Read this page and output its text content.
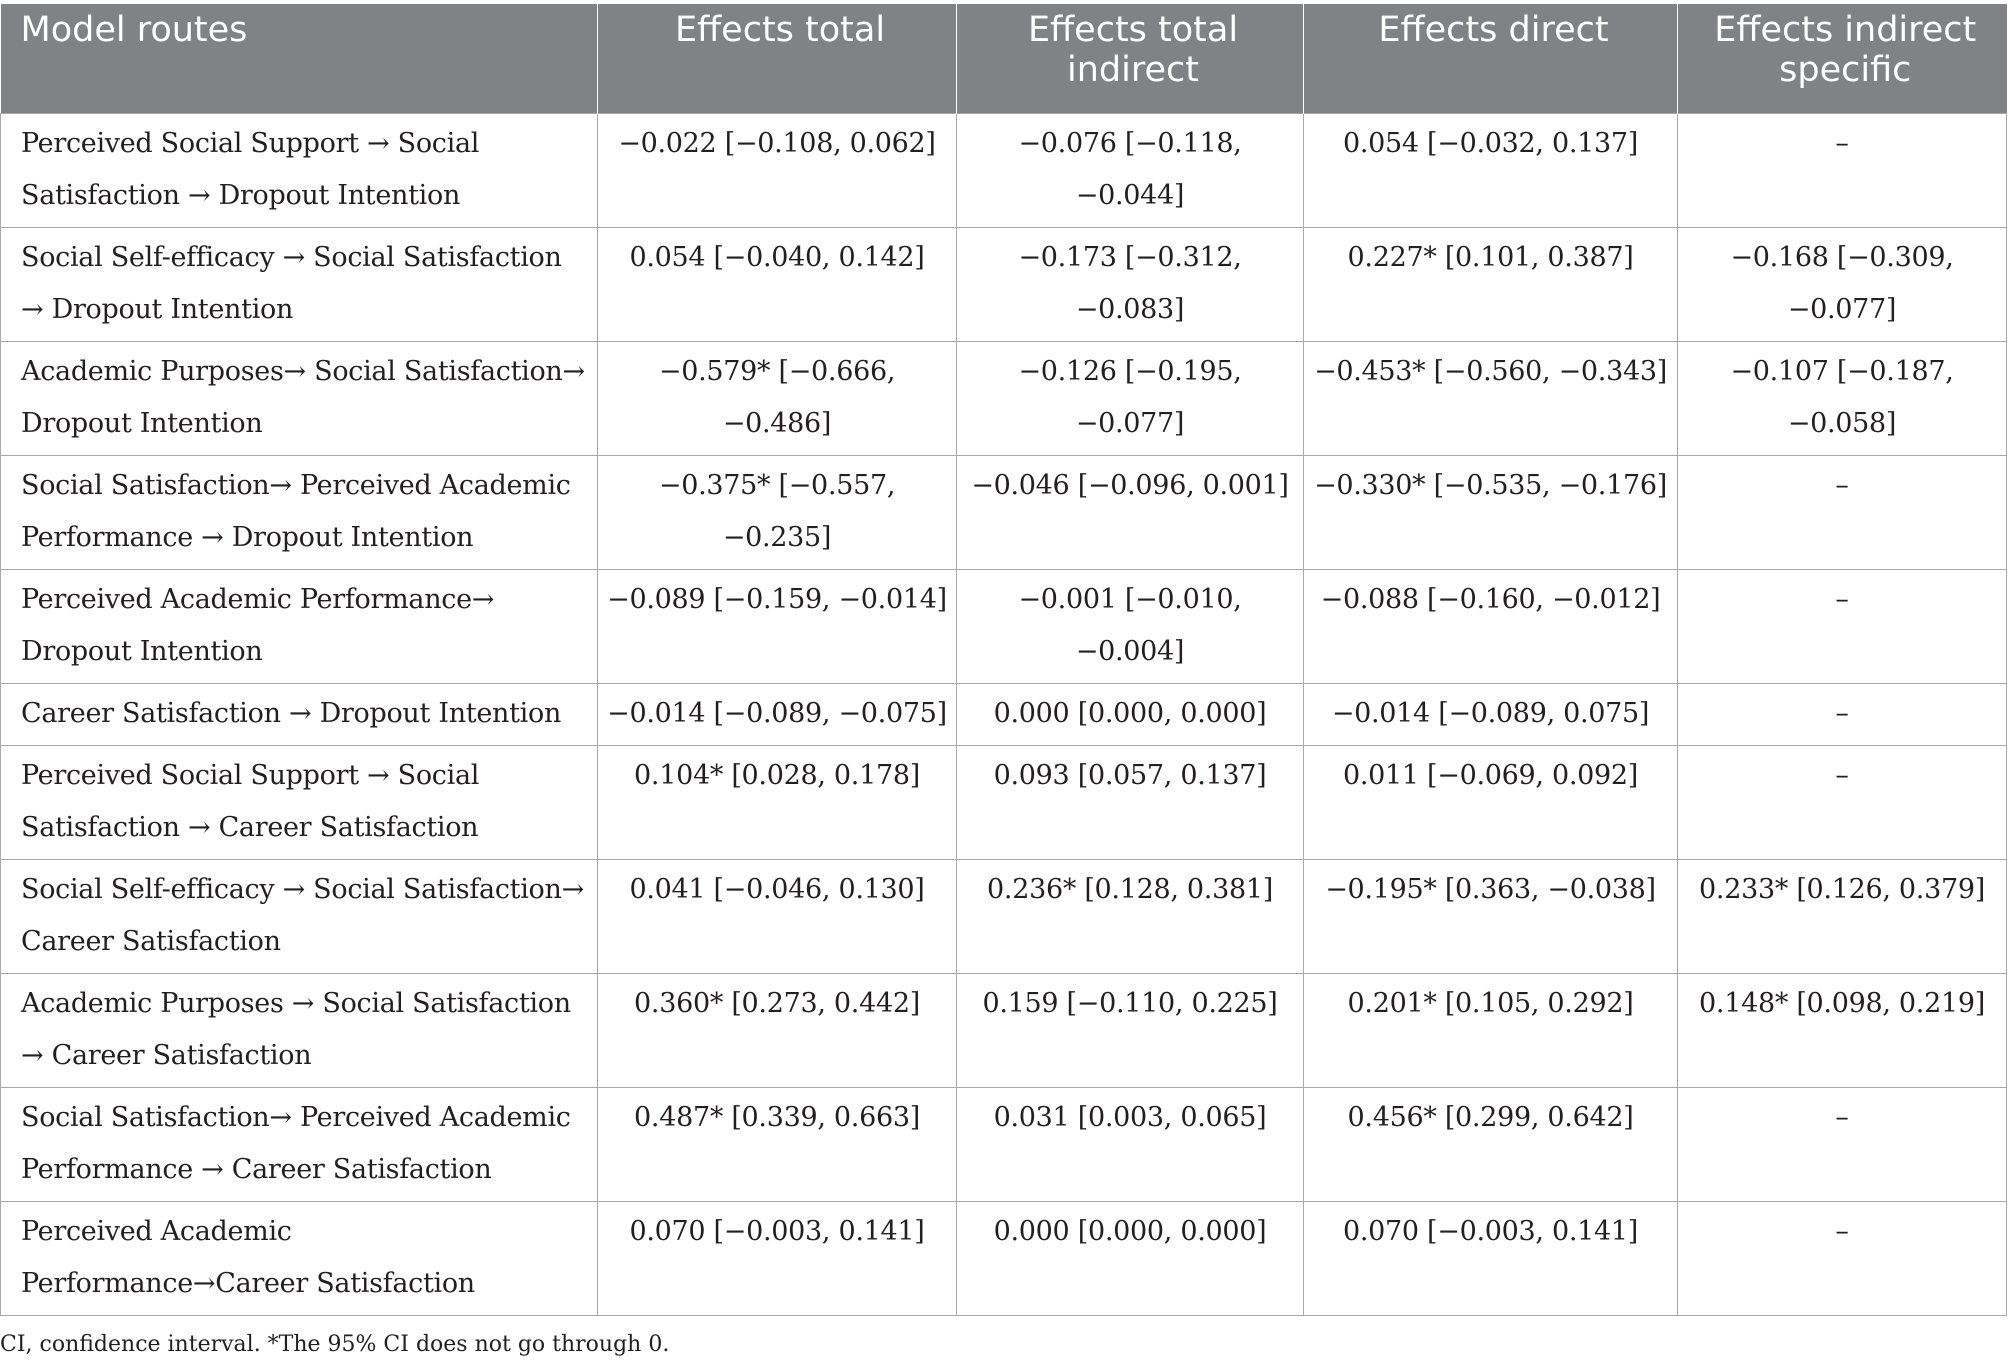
Model routes	Effects total	Effects total indirect	Effects direct	Effects indirect specific
Perceived Social Support → Social Satisfaction → Dropout Intention	−0.022 [−0.108, 0.062]	−0.076 [−0.118, −0.044]	0.054 [−0.032, 0.137]	–
Social Self-efficacy → Social Satisfaction → Dropout Intention	0.054 [−0.040, 0.142]	−0.173 [−0.312, −0.083]	0.227* [0.101, 0.387]	−0.168 [−0.309, −0.077]
Academic Purposes→ Social Satisfaction→ Dropout Intention	−0.579* [−0.666, −0.486]	−0.126 [−0.195, −0.077]	−0.453* [−0.560, −0.343]	−0.107 [−0.187, −0.058]
Social Satisfaction→ Perceived Academic Performance → Dropout Intention	−0.375* [−0.557, −0.235]	−0.046 [−0.096, 0.001]	−0.330* [−0.535, −0.176]	–
Perceived Academic Performance→ Dropout Intention	−0.089 [−0.159, −0.014]	−0.001 [−0.010, −0.004]	−0.088 [−0.160, −0.012]	–
Career Satisfaction → Dropout Intention	−0.014 [−0.089, −0.075]	0.000 [0.000, 0.000]	−0.014 [−0.089, 0.075]	–
Perceived Social Support → Social Satisfaction → Career Satisfaction	0.104* [0.028, 0.178]	0.093 [0.057, 0.137]	0.011 [−0.069, 0.092]	–
Social Self-efficacy → Social Satisfaction→ Career Satisfaction	0.041 [−0.046, 0.130]	0.236* [0.128, 0.381]	−0.195* [0.363, −0.038]	0.233* [0.126, 0.379]
Academic Purposes → Social Satisfaction → Career Satisfaction	0.360* [0.273, 0.442]	0.159 [−0.110, 0.225]	0.201* [0.105, 0.292]	0.148* [0.098, 0.219]
Social Satisfaction→ Perceived Academic Performance → Career Satisfaction	0.487* [0.339, 0.663]	0.031 [0.003, 0.065]	0.456* [0.299, 0.642]	–
Perceived Academic Performance→Career Satisfaction	0.070 [−0.003, 0.141]	0.000 [0.000, 0.000]	0.070 [−0.003, 0.141]	–
CI, confidence interval. *The 95% CI does not go through 0.
